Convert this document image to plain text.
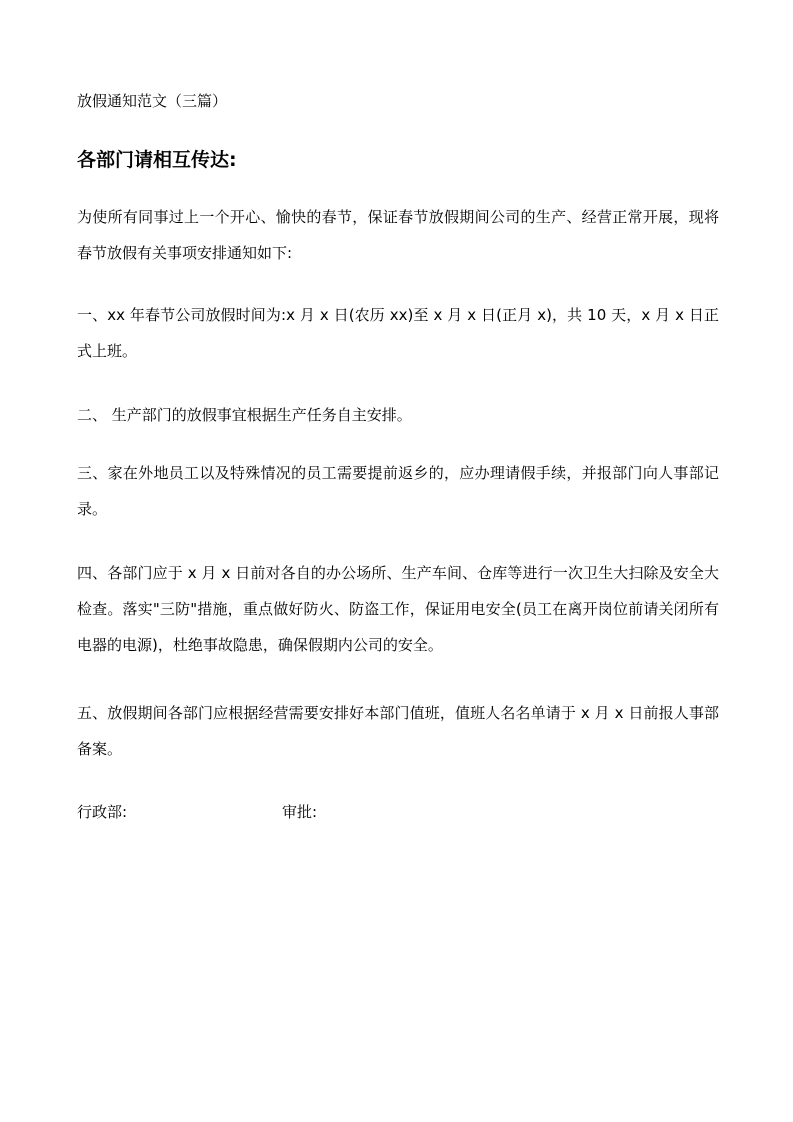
放假通知范文（三篇）
各部门请相互传达:
为使所有同事过上一个开心、愉快的春节，保证春节放假期间公司的生产、经营正常开展，现将春节放假有关事项安排通知如下:
一、xx 年春节公司放假时间为:x 月 x 日(农历 xx)至 x 月 x 日(正月 x)，共 10 天，x 月 x 日正式上班。
二、 生产部门的放假事宜根据生产任务自主安排。
三、家在外地员工以及特殊情况的员工需要提前返乡的，应办理请假手续，并报部门向人事部记录。
四、各部门应于 x 月 x 日前对各自的办公场所、生产车间、仓库等进行一次卫生大扫除及安全大检查。落实"三防"措施，重点做好防火、防盗工作，保证用电安全(员工在离开岗位前请关闭所有电器的电源)，杜绝事故隐患，确保假期内公司的安全。
五、放假期间各部门应根据经营需要安排好本部门值班，值班人名名单请于 x 月 x 日前报人事部备案。
行政部:	审批:
